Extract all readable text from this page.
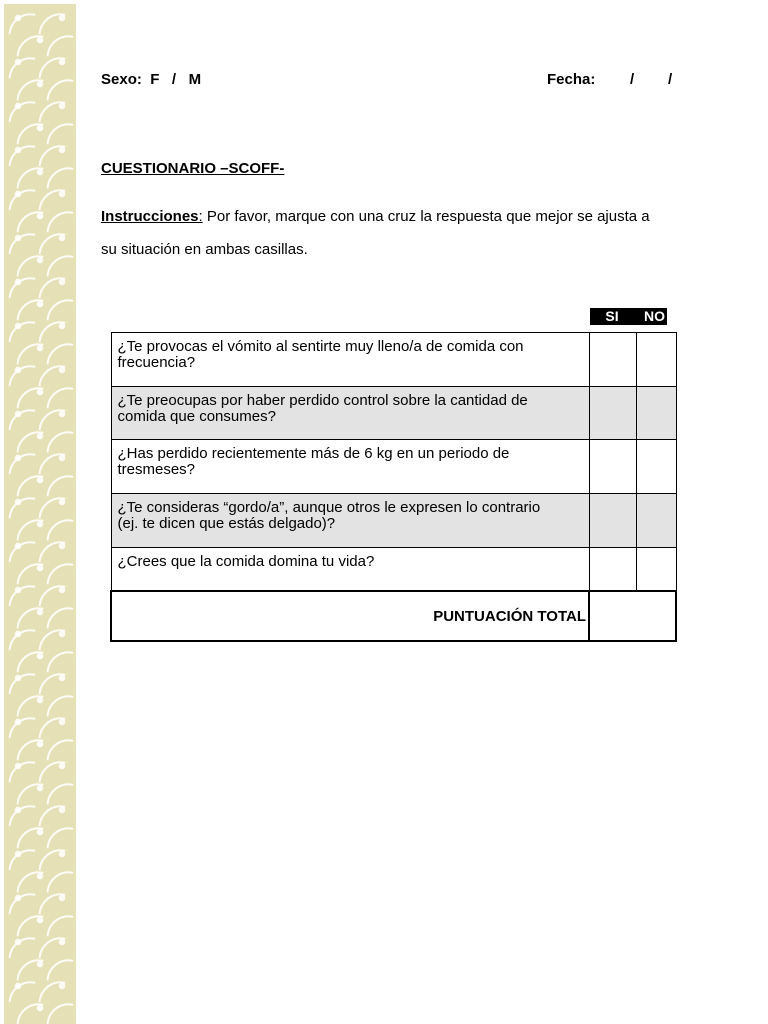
Sexo: F / M	Fecha: / /
CUESTIONARIO –SCOFF-
Instrucciones: Por favor, marque con una cruz la respuesta que mejor se ajusta a
su situación en ambas casillas.
SI	NO
¿Te provocas el vómito al sentirte muy lleno/a de comida con
frecuencia?		

¿Te preocupas por haber perdido control sobre la cantidad de
comida que consumes?		

¿Has perdido recientemente más de 6 kg en un periodo de
tresmeses?		

¿Te consideras “gordo/a”, aunque otros le expresen lo contrario
(ej. te dicen que estás delgado)?		

¿Crees que la comida domina tu vida?		

PUNTUACIÓN TOTAL		
